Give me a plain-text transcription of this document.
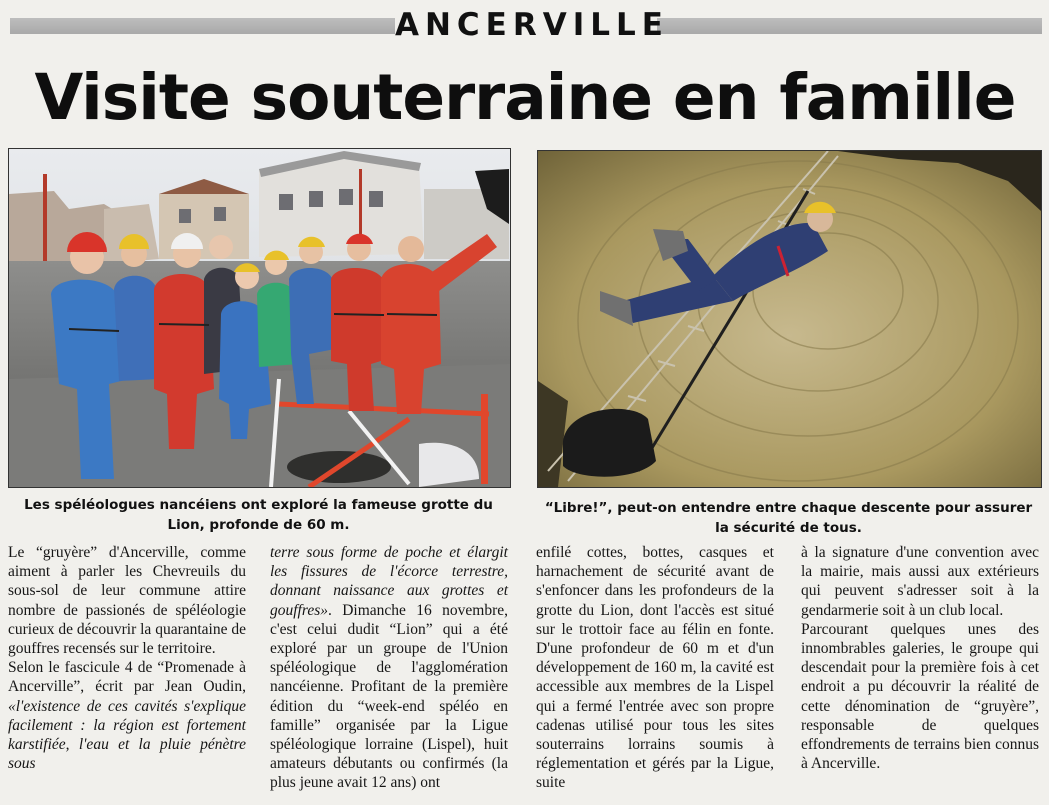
ANCERVILLE
Visite souterraine en famille
Les spéléologues nancéiens ont exploré la fameuse grotte du Lion, profonde de 60 m.
“Libre!”, peut-on entendre entre chaque descente pour assurer la sécurité de tous.

Le “gruyère” d'Ancerville, comme aiment à parler les Chevreuils du sous-sol de leur commune attire nombre de passionés de spéléologie curieux de découvrir la quarantaine de gouffres recensés sur le territoire.

Selon le fascicule 4 de “Promenade à Ancerville”, écrit par Jean Oudin, «l'existence de ces cavités s'explique facilement : la région est fortement karstifiée, l'eau et la pluie pénètre sous

terre sous forme de poche et élargit les fissures de l'écorce terrestre, donnant naissance aux grottes et gouffres». Dimanche 16 novembre, c'est celui dudit “Lion” qui a été exploré par un groupe de l'Union spéléologique de l'agglomération nancéienne. Profitant de la première édition du “week-end spéléo en famille” organisée par la Ligue spéléologique lorraine (Lispel), huit amateurs débutants ou confirmés (la plus jeune avait 12 ans) ont

enfilé cottes, bottes, casques et harnachement de sécurité avant de s'enfoncer dans les profondeurs de la grotte du Lion, dont l'accès est situé sur le trottoir face au félin en fonte. D'une profondeur de 60 m et d'un développement de 160 m, la cavité est accessible aux membres de la Lispel qui a fermé l'entrée avec son propre cadenas utilisé pour tous les sites souterrains lorrains soumis à réglementation et gérés par la Ligue, suite

à la signature d'une convention avec la mairie, mais aussi aux extérieurs qui peuvent s'adresser soit à la gendarmerie soit à un club local.

Parcourant quelques unes des innombrables galeries, le groupe qui descendait pour la première fois à cet endroit a pu découvrir la réalité de cette dénomination de “gruyère”, responsable de quelques effondrements de terrains bien connus à Ancerville.
